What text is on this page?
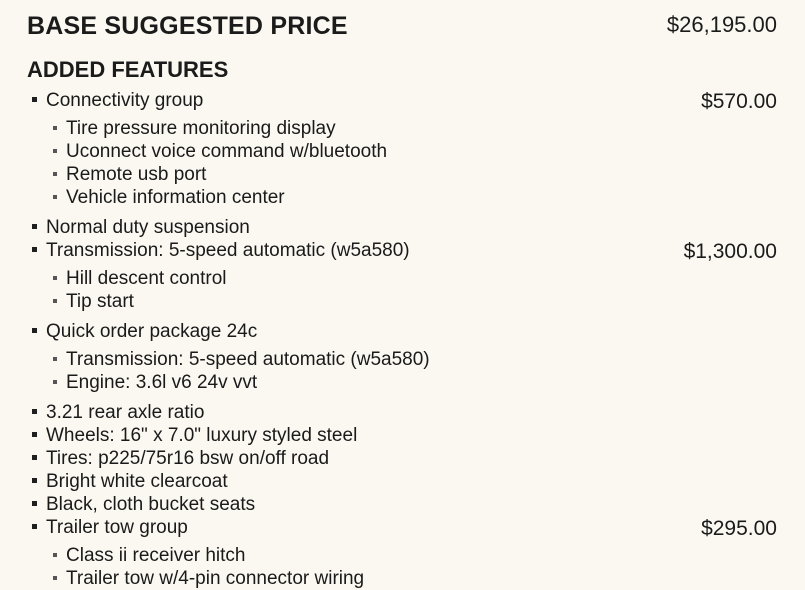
BASE SUGGESTED PRICE	$26,195.00
ADDED FEATURES
Connectivity group	$570.00
Tire pressure monitoring display
Uconnect voice command w/bluetooth
Remote usb port
Vehicle information center
Normal duty suspension
Transmission: 5-speed automatic (w5a580)	$1,300.00
Hill descent control
Tip start
Quick order package 24c
Transmission: 5-speed automatic (w5a580)
Engine: 3.6l v6 24v vvt
3.21 rear axle ratio
Wheels: 16" x 7.0" luxury styled steel
Tires: p225/75r16 bsw on/off road
Bright white clearcoat
Black, cloth bucket seats
Trailer tow group	$295.00
Class ii receiver hitch
Trailer tow w/4-pin connector wiring
